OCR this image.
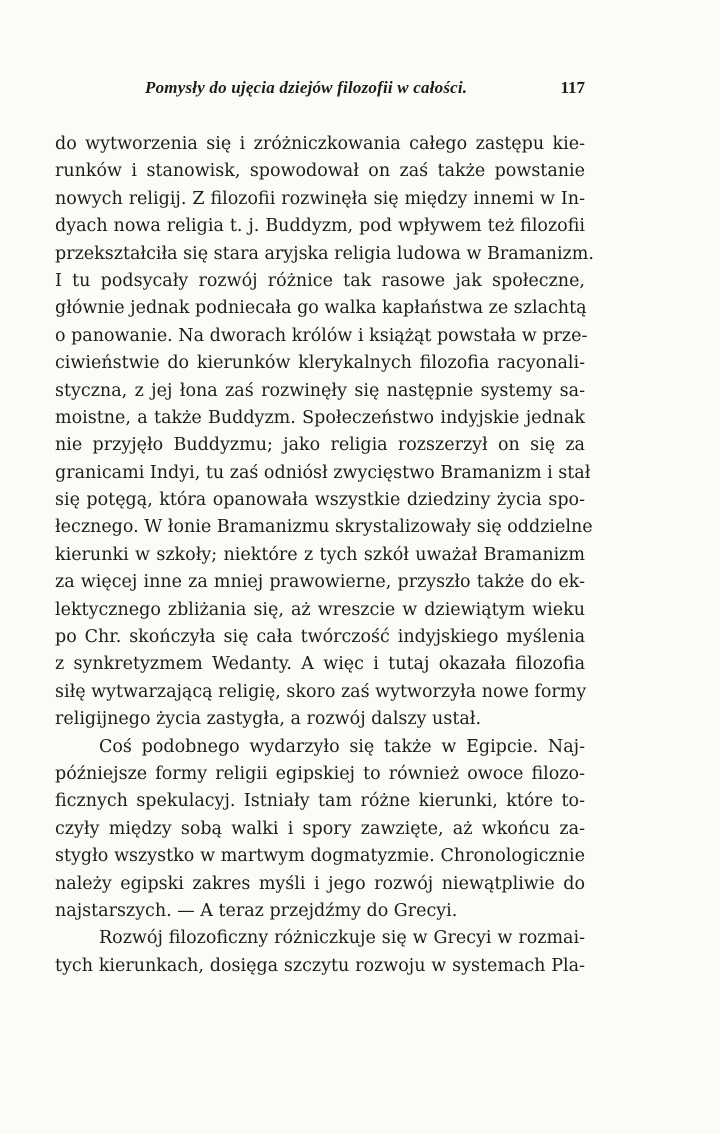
Pomysły do ujęcia dziejów filozofii w całości.	117
do wytworzenia się i zróżniczkowania całego zastępu kie-
runków i stanowisk, spowodował on zaś także powstanie
nowych religij. Z filozofii rozwinęła się między innemi w In-
dyach nowa religia t. j. Buddyzm, pod wpływem też filozofii
przekształciła się stara aryjska religia ludowa w Bramanizm.
I tu podsycały rozwój różnice tak rasowe jak społeczne,
głównie jednak podniecała go walka kapłaństwa ze szlachtą
o panowanie. Na dworach królów i książąt powstała w prze-
ciwieństwie do kierunków klerykalnych filozofia racyonali-
styczna, z jej łona zaś rozwinęły się następnie systemy sa-
moistne, a także Buddyzm. Społeczeństwo indyjskie jednak
nie przyjęło Buddyzmu; jako religia rozszerzył on się za
granicami Indyi, tu zaś odniósł zwycięstwo Bramanizm i stał
się potęgą, która opanowała wszystkie dziedziny życia spo-
łecznego. W łonie Bramanizmu skrystalizowały się oddzielne
kierunki w szkoły; niektóre z tych szkół uważał Bramanizm
za więcej inne za mniej prawowierne, przyszło także do ek-
lektycznego zbliżania się, aż wreszcie w dziewiątym wieku
po Chr. skończyła się cała twórczość indyjskiego myślenia
z synkretyzmem Wedanty. A więc i tutaj okazała filozofia
siłę wytwarzającą religię, skoro zaś wytworzyła nowe formy
religijnego życia zastygła, a rozwój dalszy ustał.
Coś podobnego wydarzyło się także w Egipcie. Naj-
późniejsze formy religii egipskiej to również owoce filozo-
ficznych spekulacyj. Istniały tam różne kierunki, które to-
czyły między sobą walki i spory zawzięte, aż wkońcu za-
stygło wszystko w martwym dogmatyzmie. Chronologicznie
należy egipski zakres myśli i jego rozwój niewątpliwie do
najstarszych. — A teraz przejdźmy do Grecyi.
Rozwój filozoficzny różniczkuje się w Grecyi w rozmai-
tych kierunkach, dosięga szczytu rozwoju w systemach Pla-
